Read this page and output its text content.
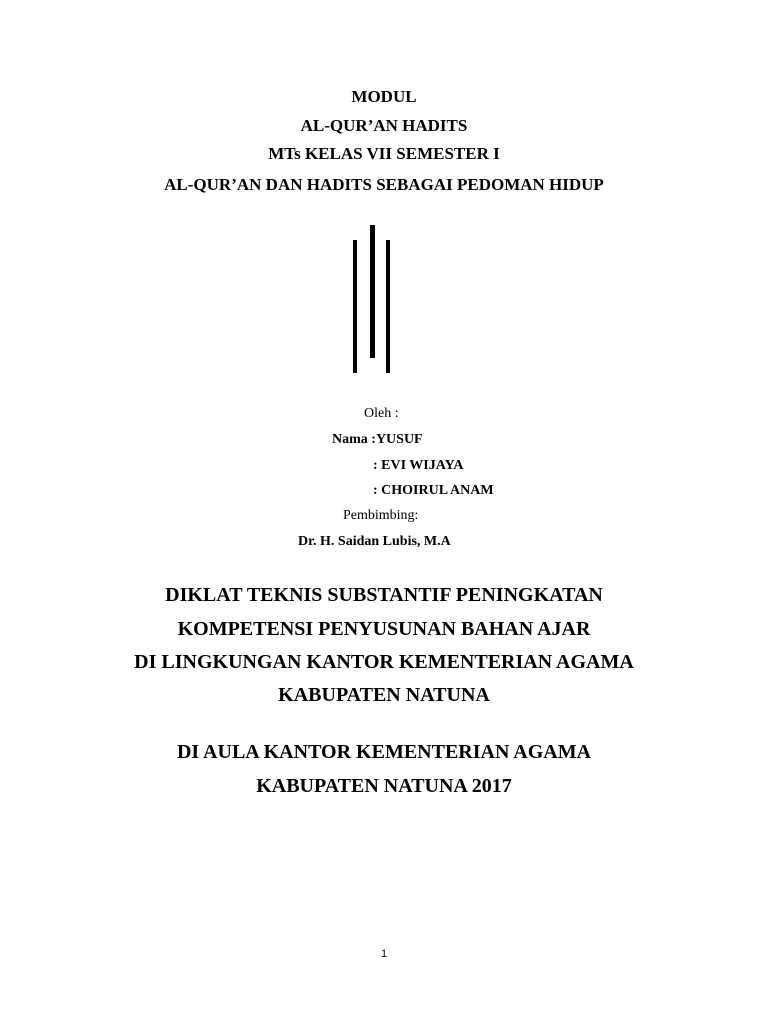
MODUL
AL-QUR’AN HADITS
MTs KELAS VII SEMESTER I
AL-QUR’AN DAN HADITS SEBAGAI PEDOMAN HIDUP
Oleh :
Nama :YUSUF
: EVI WIJAYA
: CHOIRUL ANAM
Pembimbing:
Dr. H. Saidan Lubis, M.A
DIKLAT TEKNIS SUBSTANTIF PENINGKATAN
KOMPETENSI PENYUSUNAN BAHAN AJAR
DI LINGKUNGAN KANTOR KEMENTERIAN AGAMA
KABUPATEN NATUNA
DI AULA KANTOR KEMENTERIAN AGAMA
KABUPATEN NATUNA 2017
1
